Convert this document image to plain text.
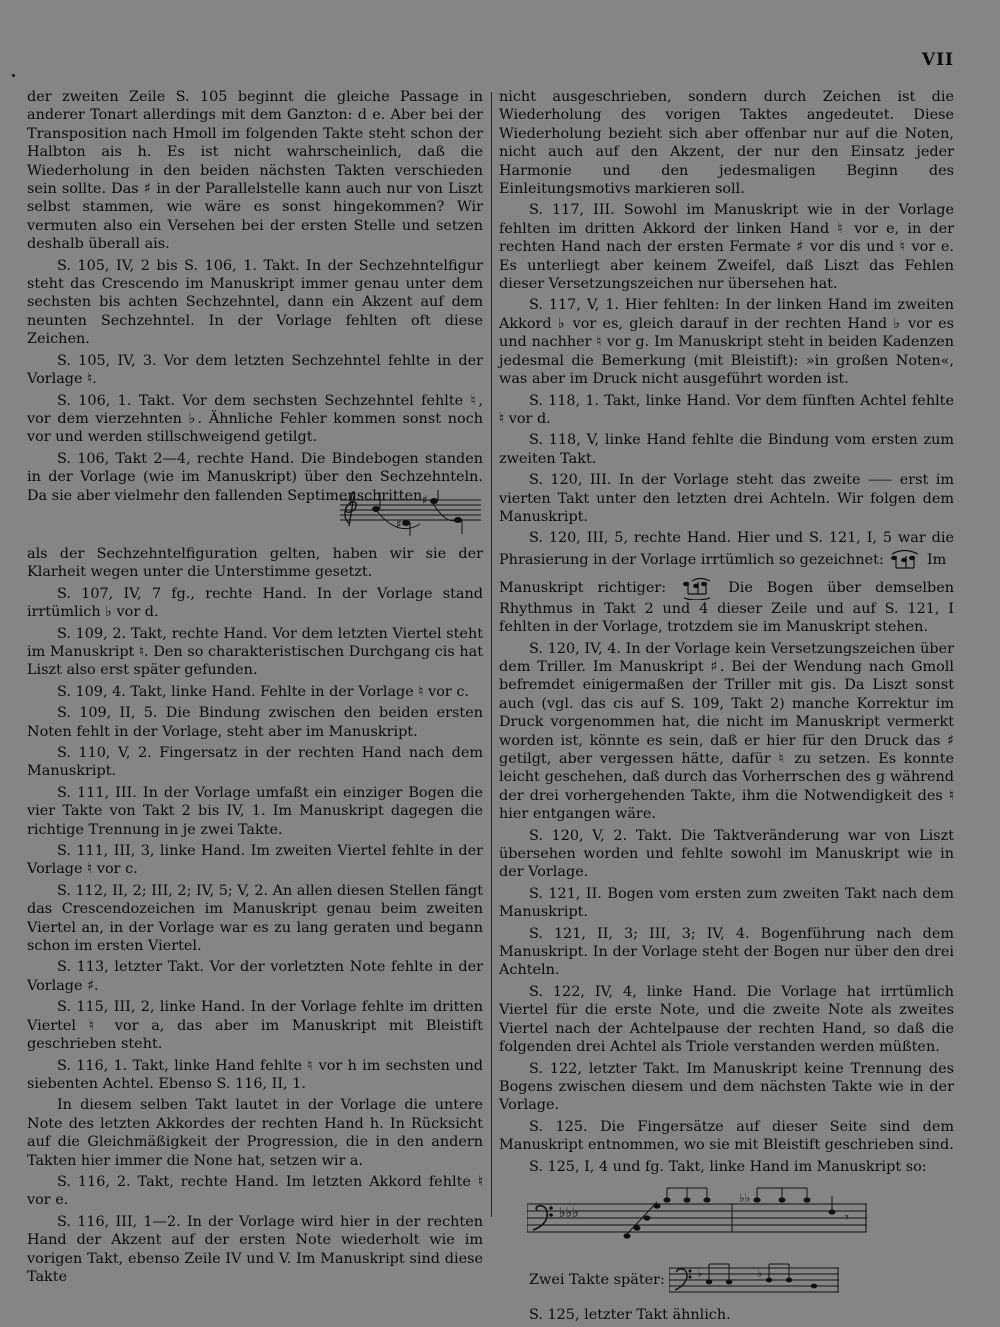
VII

der zweiten Zeile S. 105 beginnt die gleiche Passage in anderer Tonart allerdings mit dem Ganzton: d e. Aber bei der Transposition nach Hmoll im folgenden Takte steht schon der Halbton ais h. Es ist nicht wahrscheinlich, daß die Wiederholung in den beiden nächsten Takten verschieden sein sollte. Das ♯ in der Parallelstelle kann auch nur von Liszt selbst stammen, wie wäre es sonst hingekommen? Wir vermuten also ein Versehen bei der ersten Stelle und setzen deshalb überall ais.

S. 105, IV, 2 bis S. 106, 1. Takt. In der Sechzehntelfigur steht das Crescendo im Manuskript immer genau unter dem sechsten bis achten Sechzehntel, dann ein Akzent auf dem neunten Sechzehntel. In der Vorlage fehlten oft diese Zeichen.

S. 105, IV, 3. Vor dem letzten Sechzehntel fehlte in der Vorlage ♮.

S. 106, 1. Takt. Vor dem sechsten Sechzehntel fehlte ♮, vor dem vierzehnten ♭. Ähnliche Fehler kommen sonst noch vor und werden stillschweigend getilgt.

S. 106, Takt 2—4, rechte Hand. Die Bindebogen standen in der Vorlage (wie im Manuskript) über den Sechzehnteln. Da sie aber vielmehr den fallenden Septimenschritten

♯
♯

als der Sechzehntelfiguration gelten, haben wir sie der Klarheit wegen unter die Unterstimme gesetzt.

S. 107, IV, 7 fg., rechte Hand. In der Vorlage stand irrtümlich ♭ vor d.

S. 109, 2. Takt, rechte Hand. Vor dem letzten Viertel steht im Manuskript ♮. Den so charakteristischen Durchgang cis hat Liszt also erst später gefunden.

S. 109, 4. Takt, linke Hand. Fehlte in der Vorlage ♮ vor c.

S. 109, II, 5. Die Bindung zwischen den beiden ersten Noten fehlt in der Vorlage, steht aber im Manuskript.

S. 110, V, 2. Fingersatz in der rechten Hand nach dem Manuskript.

S. 111, III. In der Vorlage umfaßt ein einziger Bogen die vier Takte von Takt 2 bis IV, 1. Im Manuskript dagegen die richtige Trennung in je zwei Takte.

S. 111, III, 3, linke Hand. Im zweiten Viertel fehlte in der Vorlage ♮ vor c.

S. 112, II, 2; III, 2; IV, 5; V, 2. An allen diesen Stellen fängt das Crescendozeichen im Manuskript genau beim zweiten Viertel an, in der Vorlage war es zu lang geraten und begann schon im ersten Viertel.

S. 113, letzter Takt. Vor der vorletzten Note fehlte in der Vorlage ♯.

S. 115, III, 2, linke Hand. In der Vorlage fehlte im dritten Viertel ♮ vor a, das aber im Manuskript mit Bleistift geschrieben steht.

S. 116, 1. Takt, linke Hand fehlte ♮ vor h im sechsten und siebenten Achtel. Ebenso S. 116, II, 1.

In diesem selben Takt lautet in der Vorlage die untere Note des letzten Akkordes der rechten Hand h. In Rücksicht auf die Gleichmäßigkeit der Progression, die in den andern Takten hier immer die None hat, setzen wir a.

S. 116, 2. Takt, rechte Hand. Im letzten Akkord fehlte ♮ vor e.

S. 116, III, 1—2. In der Vorlage wird hier in der rechten Hand der Akzent auf der ersten Note wiederholt wie im vorigen Takt, ebenso Zeile IV und V. Im Manuskript sind diese Takte

nicht ausgeschrieben, sondern durch Zeichen ist die Wiederholung des vorigen Taktes angedeutet. Diese Wiederholung bezieht sich aber offenbar nur auf die Noten, nicht auch auf den Akzent, der nur den Einsatz jeder Harmonie und den jedesmaligen Beginn des Einleitungsmotivs markieren soll.

S. 117, III. Sowohl im Manuskript wie in der Vorlage fehlten im dritten Akkord der linken Hand ♮ vor e, in der rechten Hand nach der ersten Fermate ♯ vor dis und ♮ vor e. Es unterliegt aber keinem Zweifel, daß Liszt das Fehlen dieser Versetzungszeichen nur übersehen hat.

S. 117, V, 1. Hier fehlten: In der linken Hand im zweiten Akkord ♭ vor es, gleich darauf in der rechten Hand ♭ vor es und nachher ♮ vor g. Im Manuskript steht in beiden Kadenzen jedesmal die Bemerkung (mit Bleistift): »in großen Noten«, was aber im Druck nicht ausgeführt worden ist.

S. 118, 1. Takt, linke Hand. Vor dem fünften Achtel fehlte ♮ vor d.

S. 118, V, linke Hand fehlte die Bindung vom ersten zum zweiten Takt.

S. 120, III. In der Vorlage steht das zweite ⸺ erst im vierten Takt unter den letzten drei Achteln. Wir folgen dem Manuskript.

S. 120, III, 5, rechte Hand. Hier und S. 121, I, 5 war die Phrasierung in der Vorlage irrtümlich so gezeichnet:	Im

Manuskript richtiger:	Die Bogen über demselben Rhythmus in Takt 2 und 4 dieser Zeile und auf S. 121, I fehlten in der Vorlage, trotzdem sie im Manuskript stehen.

S. 120, IV, 4. In der Vorlage kein Versetzungszeichen über dem Triller. Im Manuskript ♯. Bei der Wendung nach Gmoll befremdet einigermaßen der Triller mit gis. Da Liszt sonst auch (vgl. das cis auf S. 109, Takt 2) manche Korrektur im Druck vorgenommen hat, die nicht im Manuskript vermerkt worden ist, könnte es sein, daß er hier für den Druck das ♯ getilgt, aber vergessen hätte, dafür ♮ zu setzen. Es konnte leicht geschehen, daß durch das Vorherrschen des g während der drei vorhergehenden Takte, ihm die Notwendigkeit des ♮ hier entgangen wäre.

S. 120, V, 2. Takt. Die Taktveränderung war von Liszt übersehen worden und fehlte sowohl im Manuskript wie in der Vorlage.

S. 121, II. Bogen vom ersten zum zweiten Takt nach dem Manuskript.

S. 121, II, 3; III, 3; IV, 4. Bogenführung nach dem Manuskript. In der Vorlage steht der Bogen nur über den drei Achteln.

S. 122, IV, 4, linke Hand. Die Vorlage hat irrtümlich Viertel für die erste Note, und die zweite Note als zweites Viertel nach der Achtelpause der rechten Hand, so daß die folgenden drei Achtel als Triole verstanden werden müßten.

S. 122, letzter Takt. Im Manuskript keine Trennung des Bogens zwischen diesem und dem nächsten Takte wie in der Vorlage.

S. 125. Die Fingersätze auf dieser Seite sind dem Manuskript entnommen, wo sie mit Bleistift geschrieben sind.

S. 125, I, 4 und fg. Takt, linke Hand im Manuskript so:

♭♭♭
♭♭
𝄾

Zwei Takte später:	♭	♭

S. 125, letzter Takt ähnlich.
